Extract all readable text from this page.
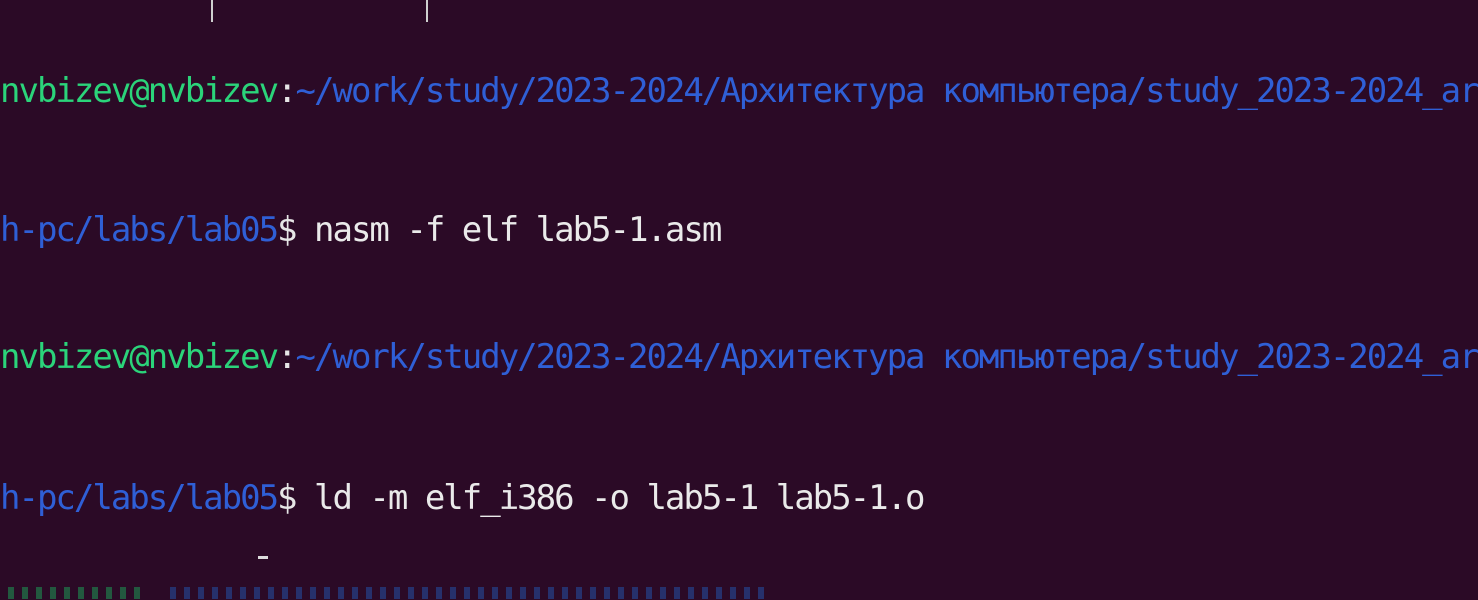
nvbizev@nvbizev:~/work/study/2023-2024/Архитектура компьютера/study_2023-2024_ar
h-pc/labs/lab05$ nasm -f elf lab5-1.asm
nvbizev@nvbizev:~/work/study/2023-2024/Архитектура компьютера/study_2023-2024_ar
h-pc/labs/lab05$ ld -m elf_i386 -o lab5-1 lab5-1.o
